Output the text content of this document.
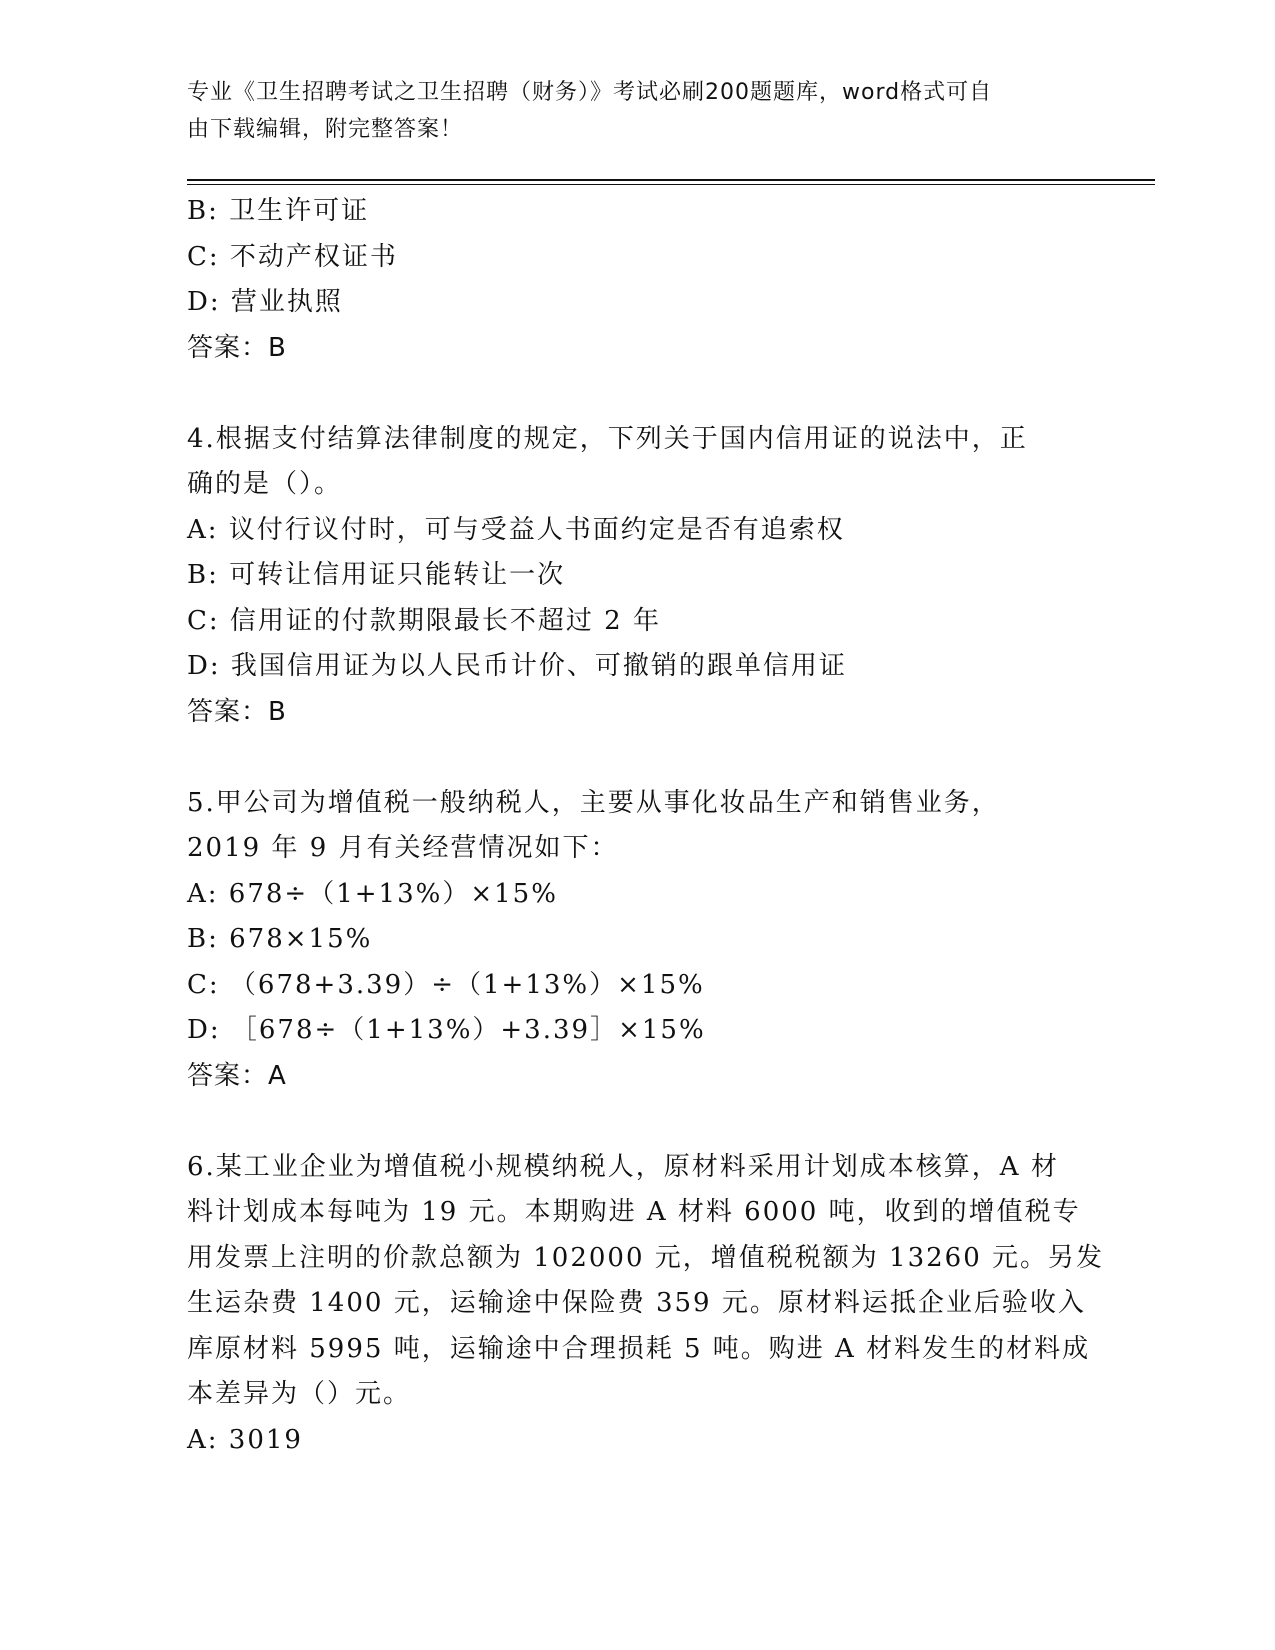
专业《卫生招聘考试之卫生招聘（财务）》考试必刷200题题库，word格式可自
由下载编辑，附完整答案！
B: 卫生许可证
C: 不动产权证书
D: 营业执照
答案：B
4.根据支付结算法律制度的规定，下列关于国内信用证的说法中，正
确的是（）。
A: 议付行议付时，可与受益人书面约定是否有追索权
B: 可转让信用证只能转让一次
C: 信用证的付款期限最长不超过 2 年
D: 我国信用证为以人民币计价、可撤销的跟单信用证
答案：B
5.甲公司为增值税一般纳税人，主要从事化妆品生产和销售业务，
2019 年 9 月有关经营情况如下：
A: 678÷（1+13%）×15%
B: 678×15%
C: （678+3.39）÷（1+13%）×15%
D: ［678÷（1+13%）+3.39］×15%
答案：A
6.某工业企业为增值税小规模纳税人，原材料采用计划成本核算，A 材
料计划成本每吨为 19 元。本期购进 A 材料 6000 吨，收到的增值税专
用发票上注明的价款总额为 102000 元，增值税税额为 13260 元。另发
生运杂费 1400 元，运输途中保险费 359 元。原材料运抵企业后验收入
库原材料 5995 吨，运输途中合理损耗 5 吨。购进 A 材料发生的材料成
本差异为（）元。
A: 3019
